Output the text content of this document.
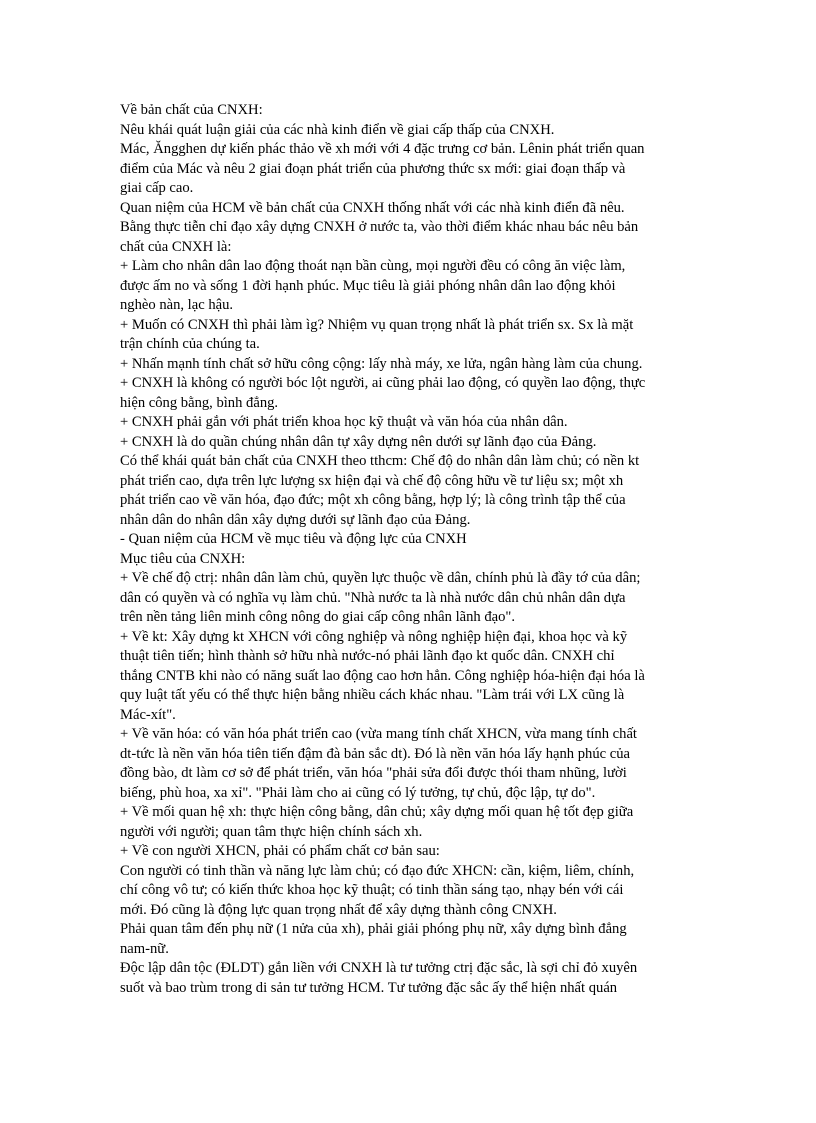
Về bản chất của CNXH:
Nêu khái quát luận giải của các nhà kinh điển về giai cấp thấp của CNXH.
Mác, Ăngghen dự kiến phác thảo về xh mới với 4 đặc trưng cơ bản. Lênin phát triển quan
điểm của Mác và nêu 2 giai đoạn phát triển của phương thức sx mới: giai đoạn thấp và
giai cấp cao.
Quan niệm của HCM về bản chất của CNXH thống nhất với các nhà kinh điển đã nêu.
Bằng thực tiễn chỉ đạo xây dựng CNXH ở nước ta, vào thời điểm khác nhau bác nêu bản
chất của CNXH là:
+ Làm cho nhân dân lao động thoát nạn bần cùng, mọi người đều có công ăn việc làm,
được ấm no và sống 1 đời hạnh phúc. Mục tiêu là giải phóng nhân dân lao động khỏi
nghèo nàn, lạc hậu.
+ Muốn có CNXH thì phải làm ìg? Nhiệm vụ quan trọng nhất là phát triển sx. Sx là mặt
trận chính của chúng ta.
+ Nhấn mạnh tính chất sở hữu công cộng: lấy nhà máy, xe lửa, ngân hàng làm của chung.
+ CNXH là không có người bóc lột người, ai cũng phải lao động, có quyền lao động, thực
hiện công bằng, bình đẳng.
+ CNXH phải gắn với phát triển khoa học kỹ thuật và văn hóa của nhân dân.
+ CNXH là do quần chúng nhân dân tự xây dựng nên dưới sự lãnh đạo của Đảng.
Có thể khái quát bản chất của CNXH theo tthcm: Chế độ do nhân dân làm chủ; có nền kt
phát triển cao, dựa trên lực lượng sx hiện đại và chế độ công hữu về tư liệu sx; một xh
phát triển cao về văn hóa, đạo đức; một xh công bằng, hợp lý; là công trình tập thể của
nhân dân do nhân dân xây dựng dưới sự lãnh đạo của Đảng.
- Quan niệm của HCM về mục tiêu và động lực của CNXH
Mục tiêu của CNXH:
+ Về chế độ ctrị: nhân dân làm chủ, quyền lực thuộc về dân, chính phủ là đầy tớ của dân;
dân có quyền và có nghĩa vụ làm chủ. "Nhà nước ta là nhà nước dân chủ nhân dân dựa
trên nền tảng liên minh công nông do giai cấp công nhân lãnh đạo".
+ Về kt: Xây dựng kt XHCN với công nghiệp và nông nghiệp hiện đại, khoa học và kỹ
thuật tiên tiến; hình thành sở hữu nhà nước-nó phải lãnh đạo kt quốc dân. CNXH chỉ
thắng CNTB khi nào có năng suất lao động cao hơn hẳn. Công nghiệp hóa-hiện đại hóa là
quy luật tất yếu có thể thực hiện bằng nhiều cách khác nhau. "Làm trái với LX cũng là
Mác-xít".
+ Về văn hóa: có văn hóa phát triển cao (vừa mang tính chất XHCN, vừa mang tính chất
dt-tức là nền văn hóa tiên tiến đậm đà bản sắc dt). Đó là nền văn hóa lấy hạnh phúc của
đồng bào, dt làm cơ sở để phát triển, văn hóa "phải sửa đổi được thói tham nhũng, lười
biếng, phù hoa, xa xỉ". "Phải làm cho ai cũng có lý tưởng, tự chủ, độc lập, tự do".
+ Về mối quan hệ xh: thực hiện công bằng, dân chủ; xây dựng mối quan hệ tốt đẹp giữa
người với người; quan tâm thực hiện chính sách xh.
+ Về con người XHCN, phải có phẩm chất cơ bản sau:
Con người có tinh thần và năng lực làm chủ; có đạo đức XHCN: cần, kiệm, liêm, chính,
chí công vô tư; có kiến thức khoa học kỹ thuật; có tinh thần sáng tạo, nhạy bén với cái
mới. Đó cũng là động lực quan trọng nhất để xây dựng thành công CNXH.
Phải quan tâm đến phụ nữ (1 nửa của xh), phải giải phóng phụ nữ, xây dựng bình đẳng
nam-nữ.
Độc lập dân tộc (ĐLDT) gắn liền với CNXH là tư tưởng ctrị đặc sắc, là sợi chỉ đỏ xuyên
suốt và bao trùm trong di sản tư tưởng HCM. Tư tưởng đặc sắc ấy thể hiện nhất quán
